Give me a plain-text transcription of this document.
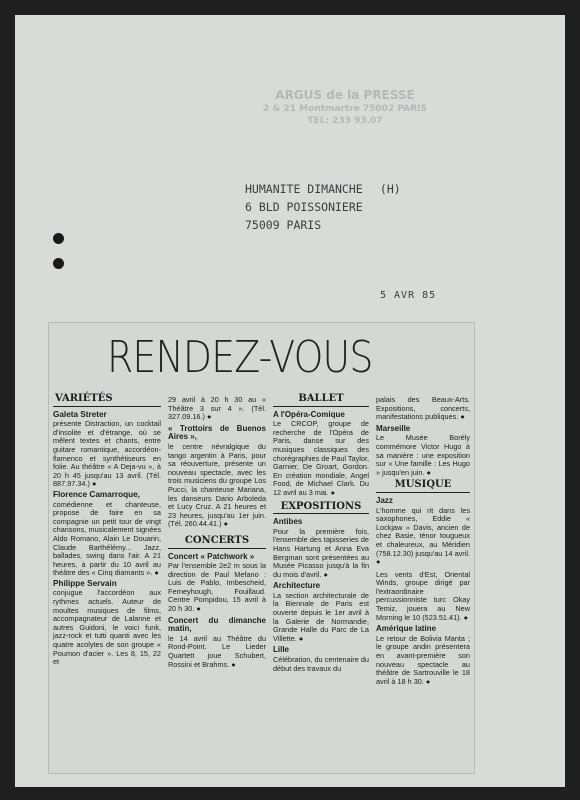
ARGUS de la PRESSE
2 & 21 Montmartre 75002 PARIS
TEL: 233 93.07
HUMANITE DIMANCHE (H)
6 BLD POISSONIERE
75009 PARIS
5 AVR 85
RENDEZ-VOUS
VARIÉTÉS

Galeta Streter

présente Distraction, un cocktail d'insolite et d'étrange, où se mêlent textes et chants, entre guitare romantique, accordéon-flamenco et synthétiseurs en folie. Au théâtre « A Deja-vu », à 20 h 45 jusqu'au 13 avril. (Tél. 887.97.34.) ●

Florence Camarroque,

comédienne et chanteuse, propose de faire en sa compagnie un petit tour de vingt chansons, musicalement signées Aldo Romano, Alain Le Douarin, Claude Barthélémy... Jazz, ballades, swing dans l'air. A 21 heures, à partir du 10 avril au théâtre des « Cinq diamants ». ●

Philippe Servain

conjugue l'accordéon aux rythmes actuels. Auteur de moultes musiques de films, accompagnateur de Lalanne et autres Guidoni, le voici funk, jazz-rock et tutti quanti avec les quatre acolytes de son groupe « Poumon d'acier ». Les 8, 15, 22 et

29 avril à 20 h 30 au « Théâtre 3 sur 4 ». (Tél. 327.09.16.) ●

« Trottoirs de Buenos Aires »,

le centre névralgique du tango argentin à Paris, pour sa réouverture, présente un nouveau spectacle, avec les trois musiciens du groupe Los Pucci, la chanteuse Mariana, les danseurs Dario Arboleda et Lucy Cruz. A 21 heures et 23 heures, jusqu'au 1er juin. (Tél. 260.44.41.) ●

CONCERTS

Concert « Patchwork »

Par l'ensemble 2e2 m sous la direction de Paul Mefano : Luis de Pablo, Imbescheid, Ferneyhough, Fouillaud. Centre Pompidou, 15 avril à 20 h 30. ●

Concert du dimanche matin,

le 14 avril au Théâtre du Rond-Point. Le Lieder Quartett joue Schubert, Rossini et Brahms. ●

BALLET

A l'Opéra-Comique

Le CRCOP, groupe de recherche de l'Opéra de Paris, danse sur des musiques classiques des chorégraphies de Paul Taylor, Garnier, De Groart, Gordon. En création mondiale, Angel Food, de Michael Clark. Du 12 avril au 3 mai. ●

EXPOSITIONS

Antibes

Pour la première fois, l'ensemble des tapisseries de Hans Hartung et Anna Eva Bergman sont présentées au Musée Picasso jusqu'à la fin du mois d'avril. ●

Architecture

La section architecturale de la Biennale de Paris est ouverte depuis le 1er avril à la Galerie de Normandie, Grande Halle du Parc de La Villette. ●

Lille

Célébration, du centenaire du début des travaux du

palais des Beaux-Arts. Expositions, concerts, manifestations publiques. ●

Marseille

Le Musée Borély commémore Victor Hugo à sa manière : une exposition sur « Une famille : Les Hugo » jusqu'en juin. ●

MUSIQUE

Jazz

L'homme qui rit dans les saxophones, Eddie « Lockjaw » Davis, ancien de chez Basie, ténor tougueux et chaleureux, au Méridien (758.12.30) jusqu'au 14 avril. ●

Les vents d'Est, Oriental Winds, groupe dirigé par l'extraordinaire percussionniste turc Okay Temiz, jouera au New Morning le 10 (523.51.41). ●

Amérique latine

Le retour de Bolivia Manta ; le groupe andin présentera en avant-première son nouveau spectacle au théâtre de Sartrouville le 18 avril à 18 h 30. ●
